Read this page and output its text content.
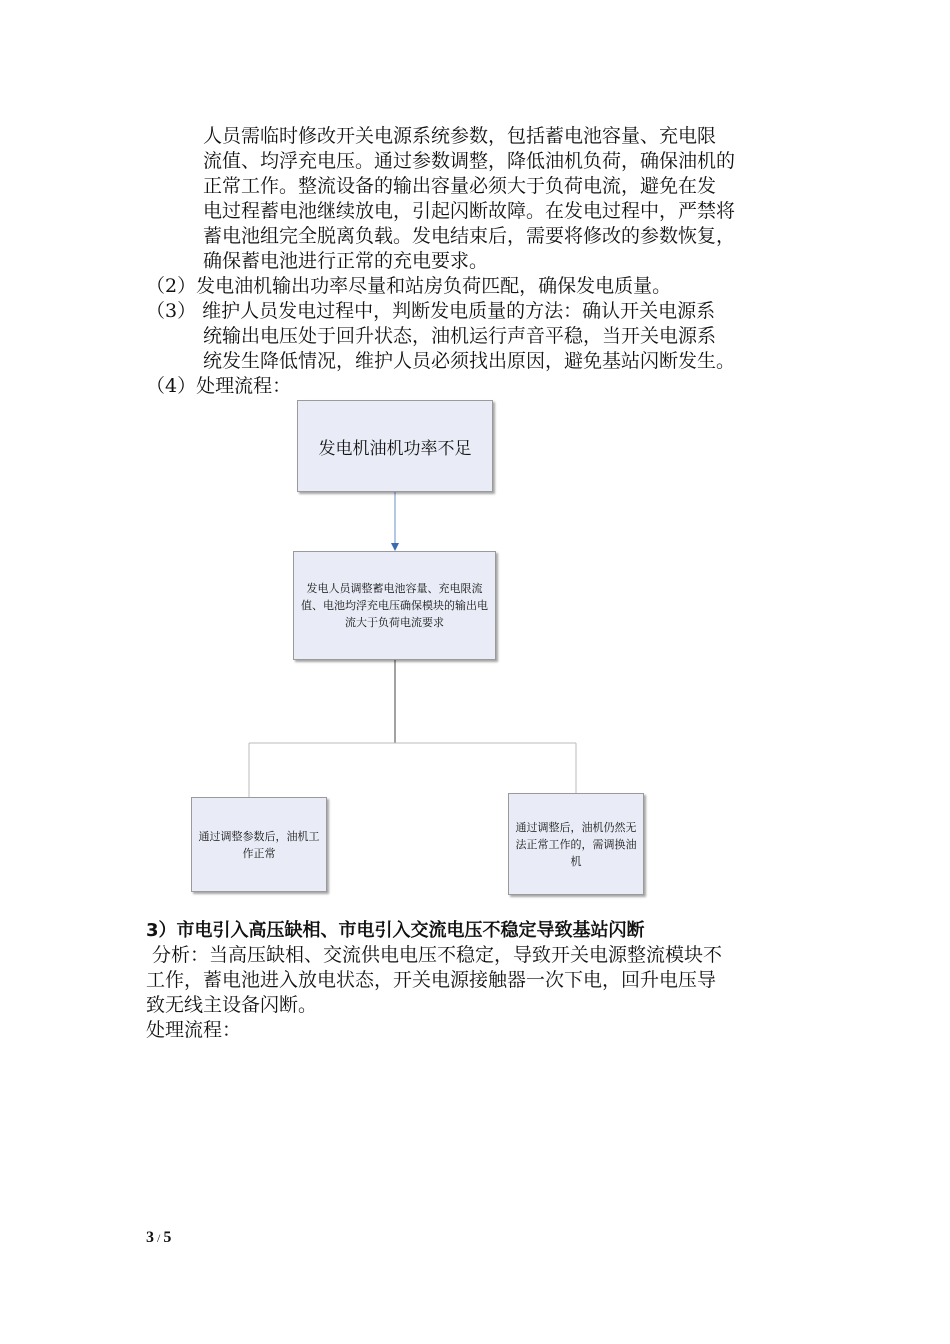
人员需临时修改开关电源系统参数，包括蓄电池容量、充电限
流值、均浮充电压。通过参数调整，降低油机负荷，确保油机的
正常工作。整流设备的输出容量必须大于负荷电流，避免在发
电过程蓄电池继续放电，引起闪断故障。在发电过程中，严禁将
蓄电池组完全脱离负载。发电结束后，需要将修改的参数恢复，
确保蓄电池进行正常的充电要求。
（2）发电油机输出功率尽量和站房负荷匹配，确保发电质量。
（3） 维护人员发电过程中，判断发电质量的方法：确认开关电源系
统输出电压处于回升状态，油机运行声音平稳，当开关电源系
统发生降低情况，维护人员必须找出原因，避免基站闪断发生。
（4）处理流程：
发电机油机功率不足
发电人员调整蓄电池容量、充电限流值、电池均浮充电压确保模块的输出电流大于负荷电流要求
通过调整参数后，油机工作正常
通过调整后，油机仍然无法正常工作的，需调换油机
3）市电引入高压缺相、市电引入交流电压不稳定导致基站闪断
分析：当高压缺相、交流供电电压不稳定，导致开关电源整流模块不
工作，蓄电池进入放电状态，开关电源接触器一次下电，回升电压导
致无线主设备闪断。
处理流程：
3 / 5
